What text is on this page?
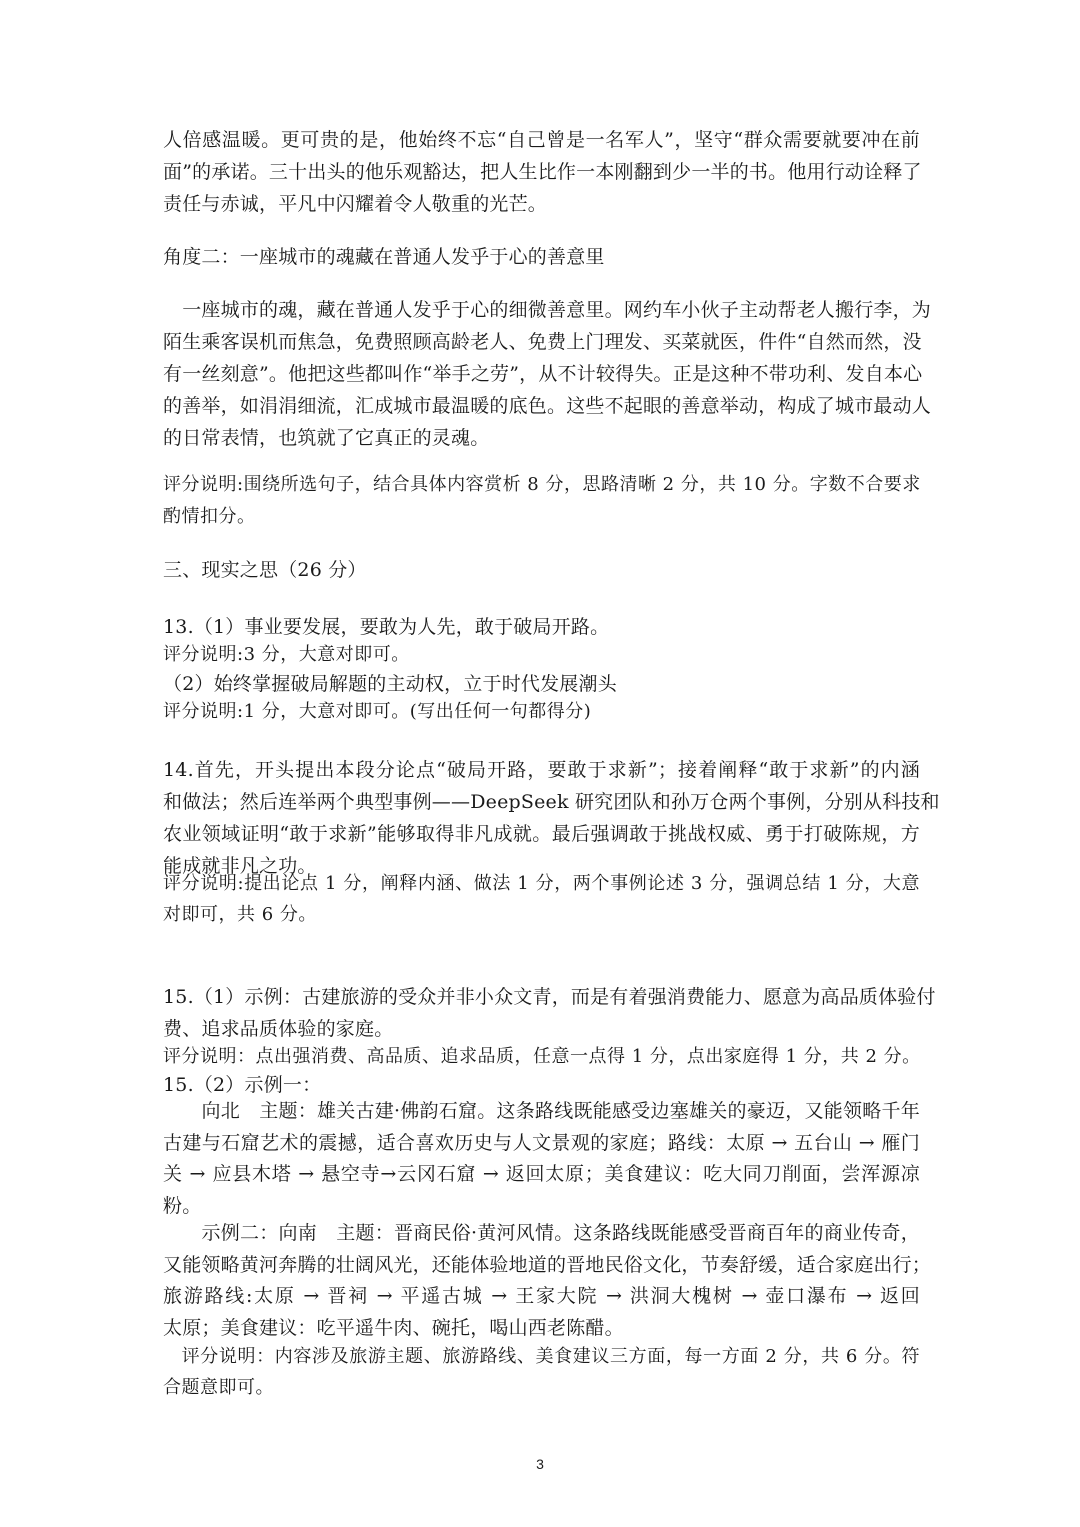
人倍感温暖。更可贵的是，他始终不忘“自己曾是一名军人”，坚守“群众需要就要冲在前
面”的承诺。三十出头的他乐观豁达，把人生比作一本刚翻到少一半的书。他用行动诠释了
责任与赤诚，平凡中闪耀着令人敬重的光芒。
角度二：一座城市的魂藏在普通人发乎于心的善意里
　一座城市的魂，藏在普通人发乎于心的细微善意里。网约车小伙子主动帮老人搬行李，为
陌生乘客误机而焦急，免费照顾高龄老人、免费上门理发、买菜就医，件件“自然而然，没
有一丝刻意”。他把这些都叫作“举手之劳”，从不计较得失。正是这种不带功利、发自本心
的善举，如涓涓细流，汇成城市最温暖的底色。这些不起眼的善意举动，构成了城市最动人
的日常表情，也筑就了它真正的灵魂。
评分说明:围绕所选句子，结合具体内容赏析 8 分，思路清晰 2 分，共 10 分。字数不合要求
酌情扣分。
三、现实之思（26 分）
13.（1）事业要发展，要敢为人先，敢于破局开路。
评分说明:3 分，大意对即可。
（2）始终掌握破局解题的主动权，立于时代发展潮头
评分说明:1 分，大意对即可。(写出任何一句都得分)
14.首先，开头提出本段分论点“破局开路，要敢于求新”；接着阐释“敢于求新”的内涵
和做法；然后连举两个典型事例——DeepSeek 研究团队和孙万仓两个事例，分别从科技和
农业领域证明“敢于求新”能够取得非凡成就。最后强调敢于挑战权威、勇于打破陈规，方
能成就非凡之功。
评分说明:提出论点 1 分，阐释内涵、做法 1 分，两个事例论述 3 分，强调总结 1 分，大意
对即可，共 6 分。
15.（1）示例：古建旅游的受众并非小众文青，而是有着强消费能力、愿意为高品质体验付
费、追求品质体验的家庭。
评分说明：点出强消费、高品质、追求品质，任意一点得 1 分，点出家庭得 1 分，共 2 分。
15.（2）示例一：
　　向北　主题：雄关古建·佛韵石窟。这条路线既能感受边塞雄关的豪迈，又能领略千年
古建与石窟艺术的震撼，适合喜欢历史与人文景观的家庭；路线：太原 → 五台山 → 雁门
关 → 应县木塔 → 悬空寺→云冈石窟 → 返回太原；美食建议：吃大同刀削面，尝浑源凉
粉。
　　示例二：向南　主题：晋商民俗·黄河风情。这条路线既能感受晋商百年的商业传奇，
又能领略黄河奔腾的壮阔风光，还能体验地道的晋地民俗文化，节奏舒缓，适合家庭出行；
旅游路线:太原 → 晋祠 → 平遥古城 → 王家大院 → 洪洞大槐树 → 壶口瀑布 → 返回
太原；美食建议：吃平遥牛肉、碗托，喝山西老陈醋。
　评分说明：内容涉及旅游主题、旅游路线、美食建议三方面，每一方面 2 分，共 6 分。符
合题意即可。
3
